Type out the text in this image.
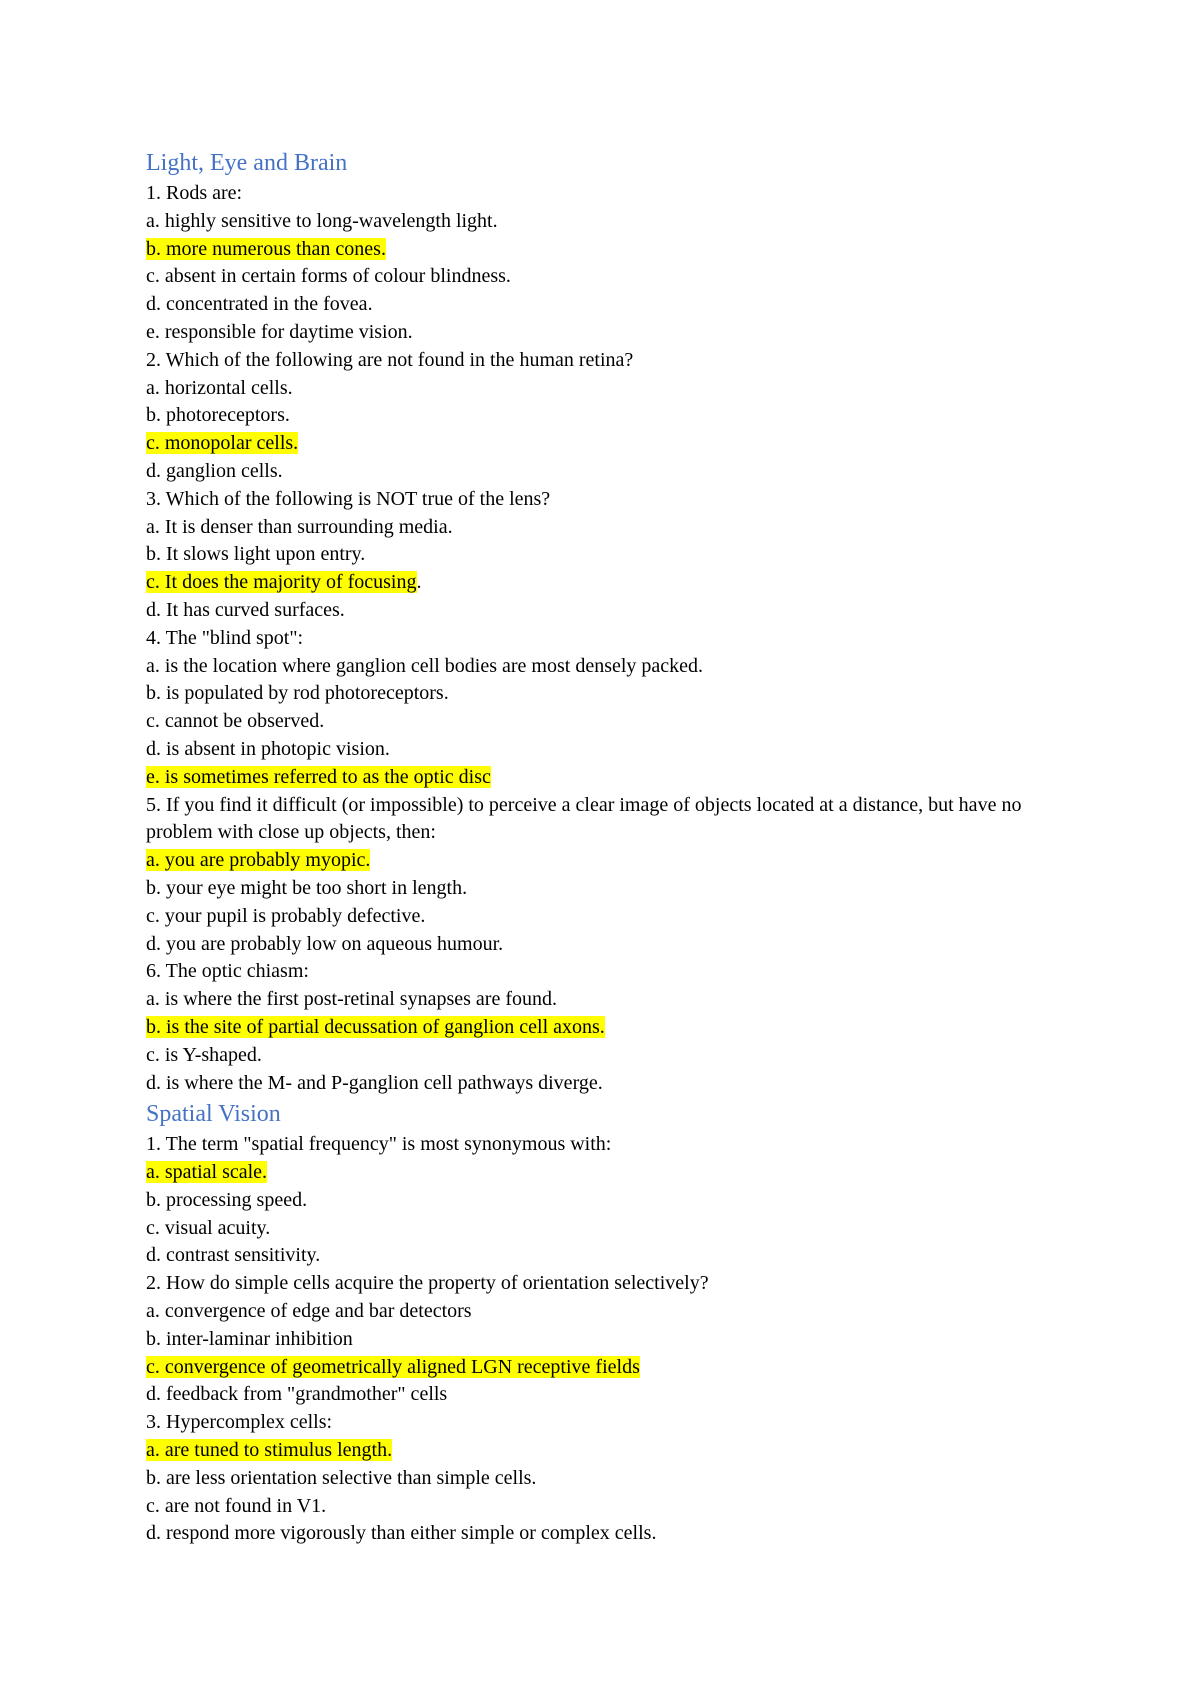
Light, Eye and Brain
1. Rods are:
a. highly sensitive to long-wavelength light.
b. more numerous than cones.
c. absent in certain forms of colour blindness.
d. concentrated in the fovea.
e. responsible for daytime vision.
2. Which of the following are not found in the human retina?
a. horizontal cells.
b. photoreceptors.
c. monopolar cells.
d. ganglion cells.
3. Which of the following is NOT true of the lens?
a. It is denser than surrounding media.
b. It slows light upon entry.
c. It does the majority of focusing.
d. It has curved surfaces.
4. The "blind spot":
a. is the location where ganglion cell bodies are most densely packed.
b. is populated by rod photoreceptors.
c. cannot be observed.
d. is absent in photopic vision.
e. is sometimes referred to as the optic disc
5. If you find it difficult (or impossible) to perceive a clear image of objects located at a distance, but have no problem with close up objects, then:
a. you are probably myopic.
b. your eye might be too short in length.
c. your pupil is probably defective.
d. you are probably low on aqueous humour.
6. The optic chiasm:
a. is where the first post-retinal synapses are found.
b. is the site of partial decussation of ganglion cell axons.
c. is Y-shaped.
d. is where the M- and P-ganglion cell pathways diverge.
Spatial Vision
1. The term "spatial frequency" is most synonymous with:
a. spatial scale.
b. processing speed.
c. visual acuity.
d. contrast sensitivity.
2. How do simple cells acquire the property of orientation selectively?
a. convergence of edge and bar detectors
b. inter-laminar inhibition
c. convergence of geometrically aligned LGN receptive fields
d. feedback from "grandmother" cells
3. Hypercomplex cells:
a. are tuned to stimulus length.
b. are less orientation selective than simple cells.
c. are not found in V1.
d. respond more vigorously than either simple or complex cells.
